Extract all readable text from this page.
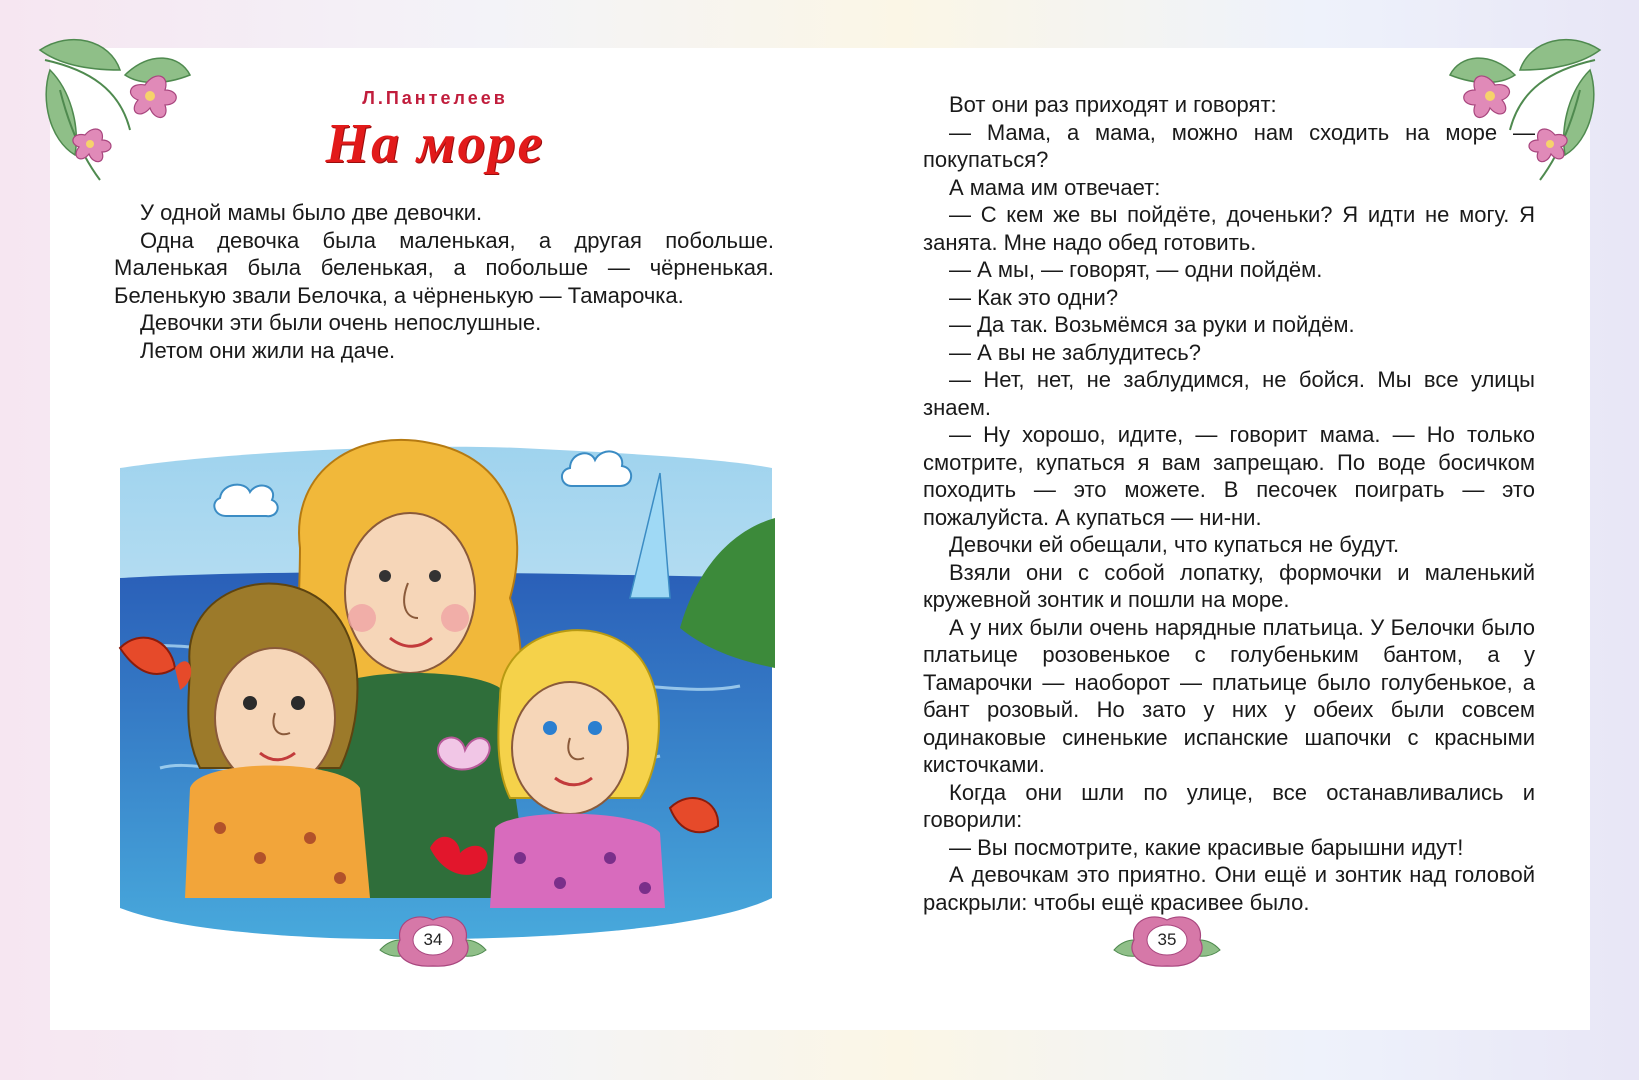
Л.Пантелеев
На море

У одной мамы было две девочки.

Одна девочка была маленькая, а другая побольше. Маленькая была беленькая, а побольше — чёрненькая. Беленькую звали Белочка, а чёрненькую — Тамарочка.

Девочки эти были очень непослушные.

Летом они жили на даче.

34

Вот они раз приходят и говорят:

— Мама, а мама, можно нам сходить на море — покупаться?

А мама им отвечает:

— С кем же вы пойдёте, доченьки? Я идти не могу. Я занята. Мне надо обед готовить.

— А мы, — говорят, — одни пойдём.

— Как это одни?

— Да так. Возьмёмся за руки и пойдём.

— А вы не заблудитесь?

— Нет, нет, не заблудимся, не бойся. Мы все улицы знаем.

— Ну хорошо, идите, — говорит мама. — Но только смотрите, купаться я вам запрещаю. По воде босичком походить — это можете. В песочек поиграть — это пожалуйста. А купаться — ни-ни.

Девочки ей обещали, что купаться не будут.

Взяли они с собой лопатку, формочки и маленький кружевной зонтик и пошли на море.

А у них были очень нарядные платьица. У Белочки было платьице розовенькое с голубеньким бантом, а у Тамарочки — наоборот — платьице было голубенькое, а бант розовый. Но зато у них у обеих были совсем одинаковые синенькие испанские шапочки с красными кисточками.

Когда они шли по улице, все останавливались и говорили:

— Вы посмотрите, какие красивые барышни идут!

А девочкам это приятно. Они ещё и зонтик над головой раскрыли: чтобы ещё красивее было.

35
